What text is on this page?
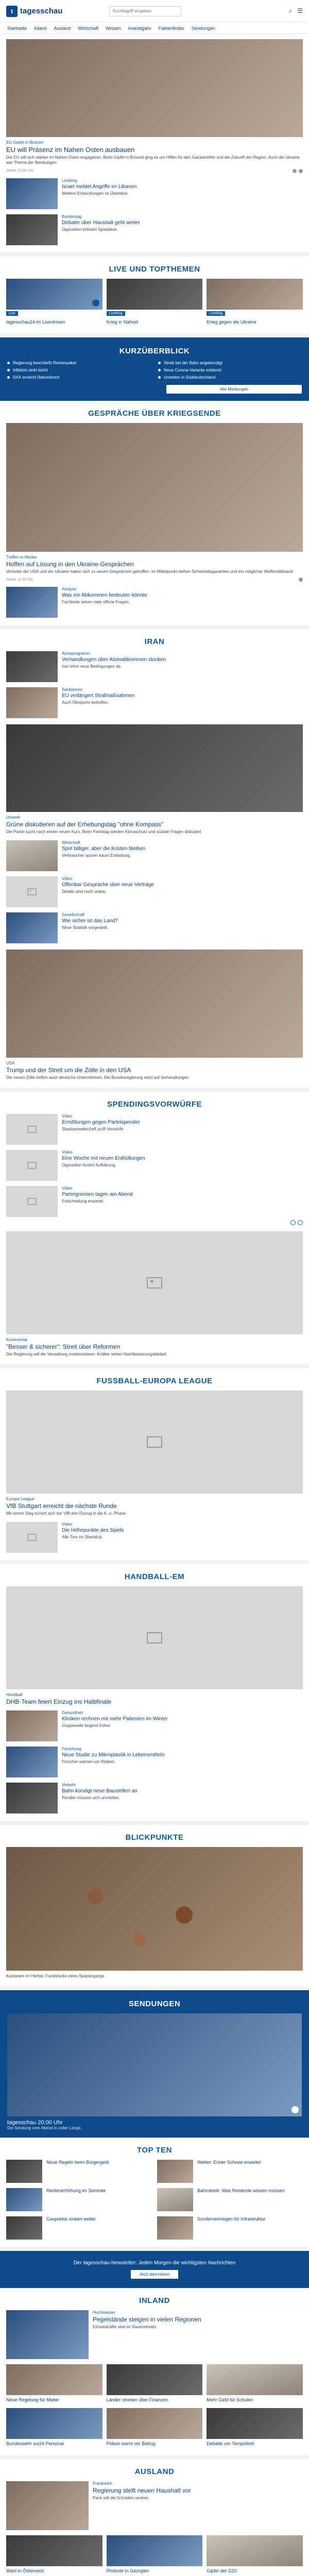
t tagesschau
Suchbegriff eingeben	⌕ ☰
Startseite Inland Ausland Wirtschaft Wissen Investigativ Faktenfinder Sendungen
EU-Gipfel in Brüssel
EU will Präsenz im Nahen Osten ausbauen

Die EU will sich stärker im Nahen Osten engagieren. Beim Gipfel in Brüssel ging es um Hilfen für den Gazastreifen und die Zukunft der Region. Auch die Ukraine war Thema der Beratungen.

Stand: 12:30 Uhr
Liveblog
Israel meldet Angriffe im Libanon
Weitere Entwicklungen im Überblick.
Bundestag
Debatte über Haushalt geht weiter
Opposition kritisiert Sparpläne.
LIVE UND TOPTHEMEN
Live
tagesschau24 im Livestream
Liveblog
Krieg in Nahost
Liveblog
Krieg gegen die Ukraine
KURZÜBERBLICK
Regierung beschließt Rentenpaket	Streik bei der Bahn angekündigt
Inflation sinkt leicht	Neue Corona-Variante entdeckt
DAX erreicht Rekordhoch	Unwetter in Süddeutschland
Alle Meldungen
GESPRÄCHE ÜBER KRIEGSENDE
Treffen in Alaska
Hoffen auf Lösung in den Ukraine-Gesprächen

Vertreter der USA und der Ukraine haben sich zu neuen Gesprächen getroffen. Im Mittelpunkt stehen Sicherheitsgarantien und ein möglicher Waffenstillstand.

Stand: 11:45 Uhr
Analyse
Was ein Abkommen bedeuten könnte
Fachleute sehen viele offene Fragen.
IRAN
Atomprogramm
Verhandlungen über Atomabkommen stocken
Iran lehnt neue Bedingungen ab.
Sanktionen
EU verlängert Strafmaßnahmen
Auch Ölexporte betroffen.
Umwelt
Grüne diskutieren auf der Erhebungstag "ohne Kompass"

Die Partei sucht nach einem neuen Kurs. Beim Parteitag werden Klimaschutz und soziale Fragen diskutiert.

Wirtschaft
Sprit billiger, aber die Kosten bleiben
Verbraucher spüren kaum Entlastung.
Video
Offenbar Gespräche über neue Verträge
Details sind noch unklar.
Gesellschaft
Wie sicher ist das Land?
Neue Statistik vorgestellt.
USA
Trump und der Streit um die Zölle in den USA

Die neuen Zölle treffen auch deutsche Unternehmen. Die Bundesregierung setzt auf Verhandlungen.

SPENDINGSVORWÜRFE
Video
Ermittlungen gegen Parteispender
Staatsanwaltschaft prüft Vorwürfe.
Video
Eine Woche mit neuen Enthüllungen
Opposition fordert Aufklärung.
Video
Parteigremien tagen am Abend
Entscheidung erwartet.
Kommentar
"Besser & sicherer": Streit über Reformen

Die Regierung will die Verwaltung modernisieren. Kritiker sehen Nachbesserungsbedarf.

FUSSBALL-EUROPA LEAGUE
Europa League
VfB Stuttgart erreicht die nächste Runde

Mit einem Sieg sichert sich der VfB den Einzug in die K.-o.-Phase.

Video
Die Höhepunkte des Spiels
Alle Tore im Überblick.
HANDBALL-EM
Handball
DHB-Team feiert Einzug ins Halbfinale
Gesundheit
Kliniken rechnen mit mehr Patienten im Winter
Grippewelle beginnt früher.
Forschung
Neue Studie zu Mikroplastik in Lebensmitteln
Forscher warnen vor Risiken.
Verkehr
Bahn kündigt neue Baustellen an
Pendler müssen sich umstellen.
BLICKPUNKTE

Kastanien im Herbst: Fundstücke eines Spaziergangs

SENDUNGEN
tagesschau 20:00 Uhr
Die Sendung vom Abend in voller Länge.
TOP TEN
Neue Regeln beim Bürgergeld	Wetter: Erster Schnee erwartet
Rentenerhöhung im Sommer	Bahnstreik: Was Reisende wissen müssen
Gaspreise sinken weiter	Sondervermögen für Infrastruktur
Der tagesschau-Newsletter: Jeden Morgen die wichtigsten Nachrichten
Jetzt abonnieren
INLAND
Hochwasser
Pegelstände steigen in vielen Regionen
Einsatzkräfte sind im Dauereinsatz.
Neue Regelung für Mieter	Länder streiten über Finanzen	Mehr Geld für Schulen
Bundeswehr sucht Personal	Polizei warnt vor Betrug	Debatte um Tempolimit
AUSLAND
Frankreich
Regierung stellt neuen Haushalt vor
Paris will die Schulden senken.
Wahl in Österreich	Proteste in Georgien	Gipfel der G20
